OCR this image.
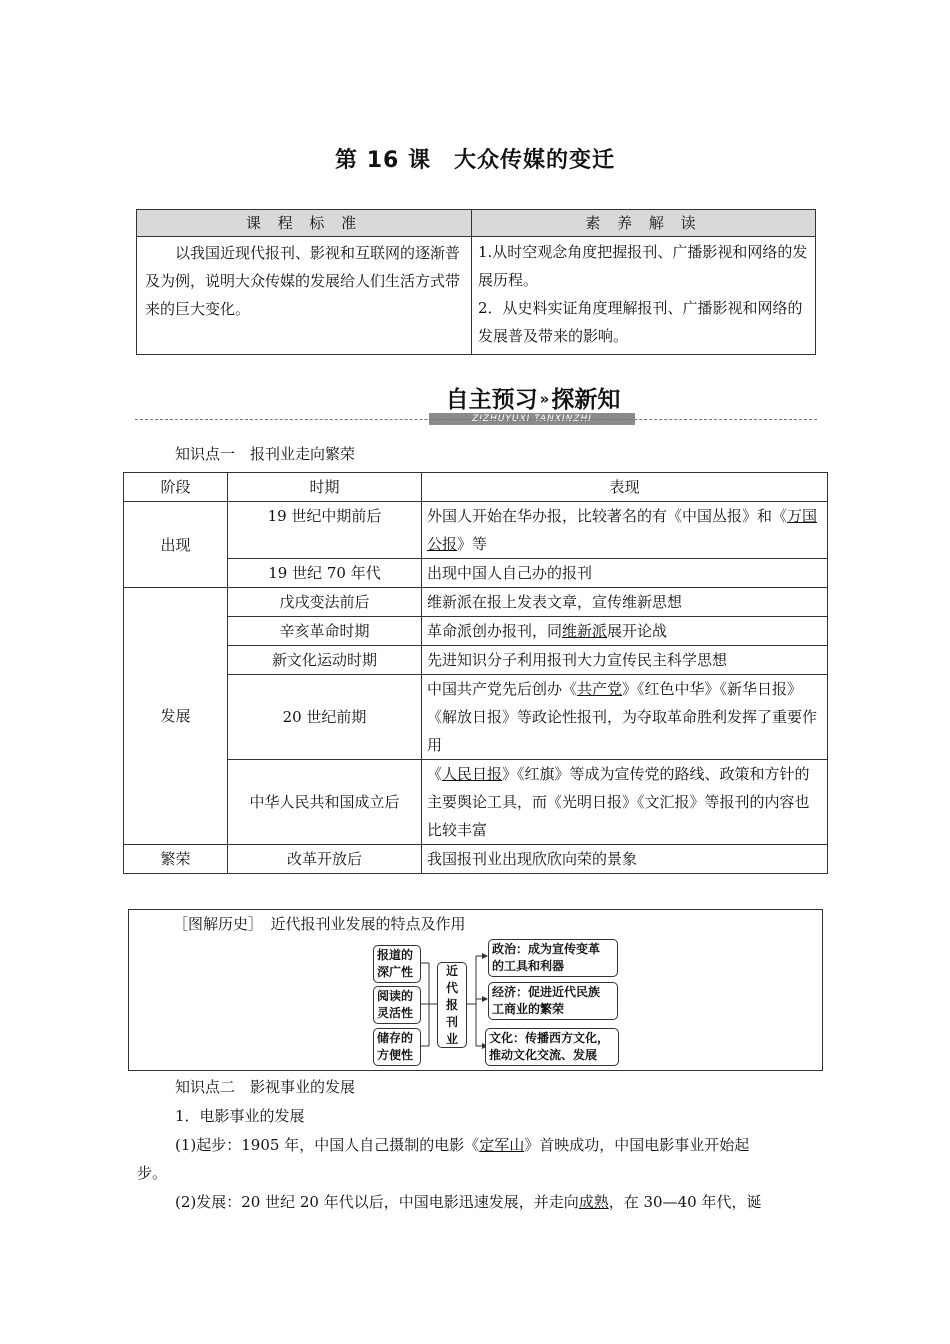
第 16 课　大众传媒的变迁
课 程 标 准	素 养 解 读
以我国近现代报刊、影视和互联网的逐渐普及为例，说明大众传媒的发展给人们生活方式带来的巨大变化。	1.从时空观念角度把握报刊、广播影视和网络的发展历程。
2．从史料实证角度理解报刊、广播影视和网络的发展普及带来的影响。
自主预习 »探新知
ZIZHUYUXI TANXINZHI
知识点一　报刊业走向繁荣
阶段	时期	表现
出现	19 世纪中期前后	外国人开始在华办报，比较著名的有《中国丛报》和《万国公报》等
	19 世纪 70 年代	出现中国人自己办的报刊
发展	戊戌变法前后	维新派在报上发表文章，宣传维新思想
	辛亥革命时期	革命派创办报刊，同维新派展开论战
	新文化运动时期	先进知识分子利用报刊大力宣传民主科学思想
	20 世纪前期	中国共产党先后创办《共产党》《红色中华》《新华日报》《解放日报》等政论性报刊，为夺取革命胜利发挥了重要作用
	中华人民共和国成立后	《人民日报》《红旗》等成为宣传党的路线、政策和方针的主要舆论工具，而《光明日报》《文汇报》等报刊的内容也比较丰富
繁荣	改革开放后	我国报刊业出现欣欣向荣的景象
［图解历史］　近代报刊业发展的特点及作用
报道的
深广性
阅读的
灵活性
储存的
方便性
近
代
报
刊
业
政治：成为宣传变革
的工具和利器
经济：促进近代民族
工商业的繁荣
文化：传播西方文化，
推动文化交流、发展
知识点二　影视事业的发展
1．电影事业的发展
(1)起步：1905 年，中国人自己摄制的电影《定军山》首映成功，中国电影事业开始起
步。
(2)发展：20 世纪 20 年代以后，中国电影迅速发展，并走向成熟，在 30—40 年代，诞
